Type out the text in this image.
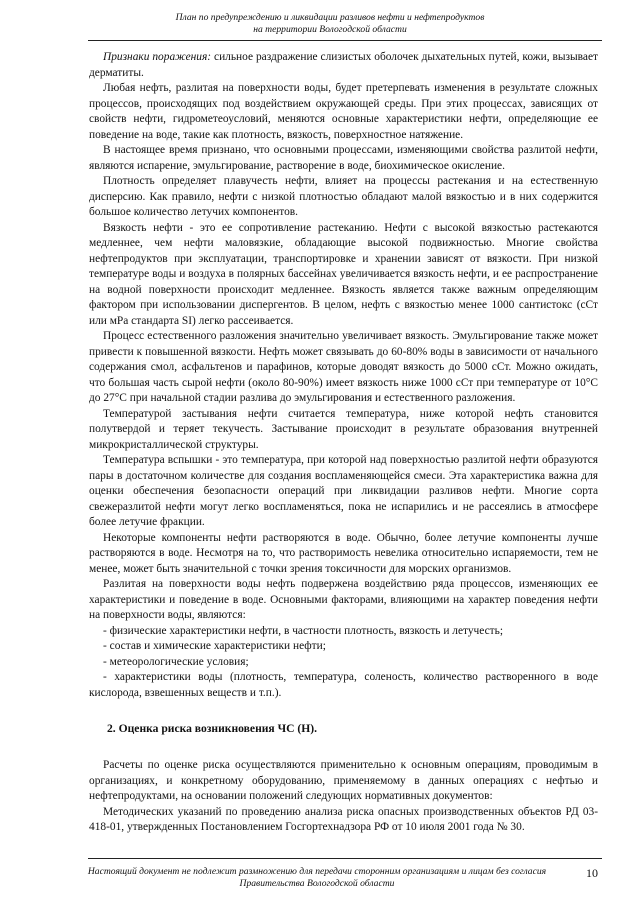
План по предупреждению и ликвидации разливов нефти и нефтепродуктов
на территории Вологодской области

Признаки поражения: сильное раздражение слизистых оболочек дыхательных путей, кожи, вызывает дерматиты.

Любая нефть, разлитая на поверхности воды, будет претерпевать изменения в результате сложных процессов, происходящих под воздействием окружающей среды. При этих процессах, зависящих от свойств нефти, гидрометеоусловий, меняются основные характеристики нефти, определяющие ее поведение на воде, такие как плотность, вязкость, поверхностное натяжение.

В настоящее время признано, что основными процессами, изменяющими свойства разлитой нефти, являются испарение, эмульгирование, растворение в воде, биохимическое окисление.

Плотность определяет плавучесть нефти, влияет на процессы растекания и на естественную дисперсию. Как правило, нефти с низкой плотностью обладают малой вязкостью и в них содержится большое количество летучих компонентов.

Вязкость нефти - это ее сопротивление растеканию. Нефти с высокой вязкостью растекаются медленнее, чем нефти маловязкие, обладающие высокой подвижностью. Многие свойства нефтепродуктов при эксплуатации, транспортировке и хранении зависят от вязкости. При низкой температуре воды и воздуха в полярных бассейнах увеличивается вязкость нефти, и ее распространение на водной поверхности происходит медленнее. Вязкость является также важным определяющим фактором при использовании диспергентов. В целом, нефть с вязкостью менее 1000 сантистокс (сСт или мРа стандарта SI) легко рассеивается.

Процесс естественного разложения значительно увеличивает вязкость. Эмульгирование также может привести к повышенной вязкости. Нефть может связывать до 60-80% воды в зависимости от начального содержания смол, асфальтенов и парафинов, которые доводят вязкость до 5000 сСт. Можно ожидать, что большая часть сырой нефти (около 80-90%) имеет вязкость ниже 1000 сСт при температуре от 10°С до 27°С при начальной стадии разлива до эмульгирования и естественного разложения.

Температурой застывания нефти считается температура, ниже которой нефть становится полутвердой и теряет текучесть. Застывание происходит в результате образования внутренней микрокристаллической структуры.

Температура вспышки - это температура, при которой над поверхностью разлитой нефти образуются пары в достаточном количестве для создания воспламеняющейся смеси. Эта характеристика важна для оценки обеспечения безопасности операций при ликвидации разливов нефти. Многие сорта свежеразлитой нефти могут легко воспламеняться, пока не испарились и не рассеялись в атмосфере более летучие фракции.

Некоторые компоненты нефти растворяются в воде. Обычно, более летучие компоненты лучше растворяются в воде. Несмотря на то, что растворимость невелика относительно испаряемости, тем не менее, может быть значительной с точки зрения токсичности для морских организмов.

Разлитая на поверхности воды нефть подвержена воздействию ряда процессов, изменяющих ее характеристики и поведение в воде. Основными факторами, влияющими на характер поведения нефти на поверхности воды, являются:

- физические характеристики нефти, в частности плотность, вязкость и летучесть;
- состав и химические характеристики нефти;
- метеорологические условия;
- характеристики воды (плотность, температура, соленость, количество растворенного в воде кислорода, взвешенных веществ и т.п.).
2. Оценка риска возникновения ЧС (Н).

Расчеты по оценке риска осуществляются применительно к основным операциям, проводимым в организациях, и конкретному оборудованию, применяемому в данных операциях с нефтью и нефтепродуктами, на основании положений следующих нормативных документов:

Методических указаний по проведению анализа риска опасных производственных объектов РД 03-418-01, утвержденных Постановлением Госгортехнадзора РФ от 10 июля 2001 года № 30.

Настоящий документ не подлежит размножению для передачи сторонним организациям и лицам без согласия Правительства Вологодской области
10
